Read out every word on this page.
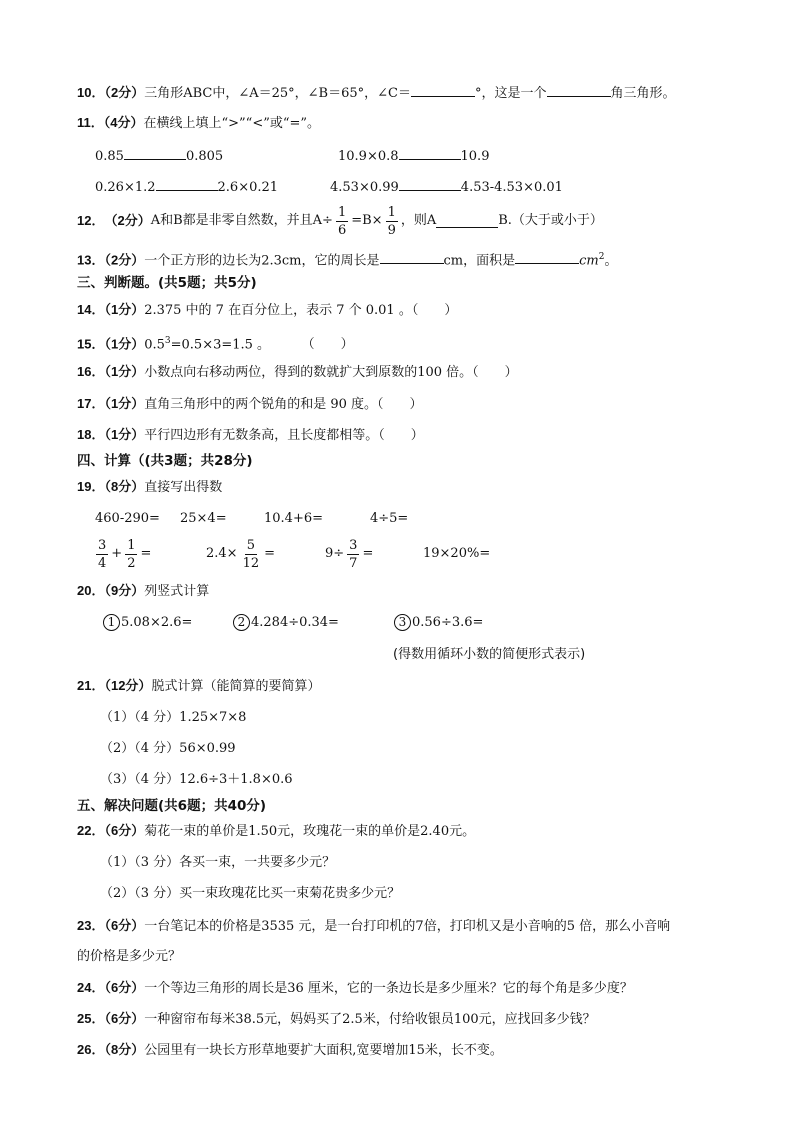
10．（2分）三角形ABC中，∠A＝25°，∠B＝65°，∠C＝	°，这是一个	角三角形。
11．（4分）在横线上填上“>”“<”或“=”。
0.85	0.805	10.9×0.8	10.9
0.26×1.2	2.6×0.21	4.53×0.99	4.53-4.53×0.01
12． （2分） A和B都是非零自然数，并且$A\div \frac{1}{6} =B\times \frac{1}{9}$ ，则A	B.（大于或小于）
13．（2分）一个正方形的边长为2.3cm，它的周长是	cm，面积是	$cm^2$。
三、判断题。(共5题；共5分)
14．（1分）2.375 中的 7 在百分位上，表示 7 个 0.01 。（　　）
15．（1分）$0.5^3=0.5\times 3=1.5$ 。	（　　）
16．（1分）小数点向右移动两位，得到的数就扩大到原数的100 倍。（　　）
17．（1分）直角三角形中的两个锐角的和是 90 度。（　　）
18．（1分）平行四边形有无数条高，且长度都相等。（　　）
四、计算（(共3题；共28分)
19．（8分）直接写出得数
460-290= 25×4=	10.4+6=	4÷5=
$\frac{3}{4} + \frac{1}{2}$ =	$2.4\times \frac{5}{12}$ =	$9\div \frac{3}{7}$ =	19×20%=
20．（9分）列竖式计算
1 5.08×2.6=	2 4.284÷0.34=	3 0.56÷3.6=
(得数用循环小数的简便形式表示)
21．（12分）脱式计算（能简算的要简算）
（1）（4 分）1.25×7×8
（2）（4 分）56×0.99
（3）（4 分）12.6÷3＋1.8×0.6
五、解决问题(共6题；共40分)
22．（6分）菊花一束的单价是1.50元，玫瑰花一束的单价是2.40元。
（1）（3 分）各买一束，一共要多少元？
（2）（3 分）买一束玫瑰花比买一束菊花贵多少元？
23．（6分）一台笔记本的价格是3535 元，是一台打印机的7倍，打印机又是小音响的5 倍，那么小音响
的价格是多少元？
24．（6分）一个等边三角形的周长是36 厘米，它的一条边长是多少厘米？它的每个角是多少度？
25．（6分）一种窗帘布每米38.5元，妈妈买了2.5米，付给收银员100元，应找回多少钱？
26．（8分）公园里有一块长方形草地要扩大面积,宽要增加15米，长不变。
